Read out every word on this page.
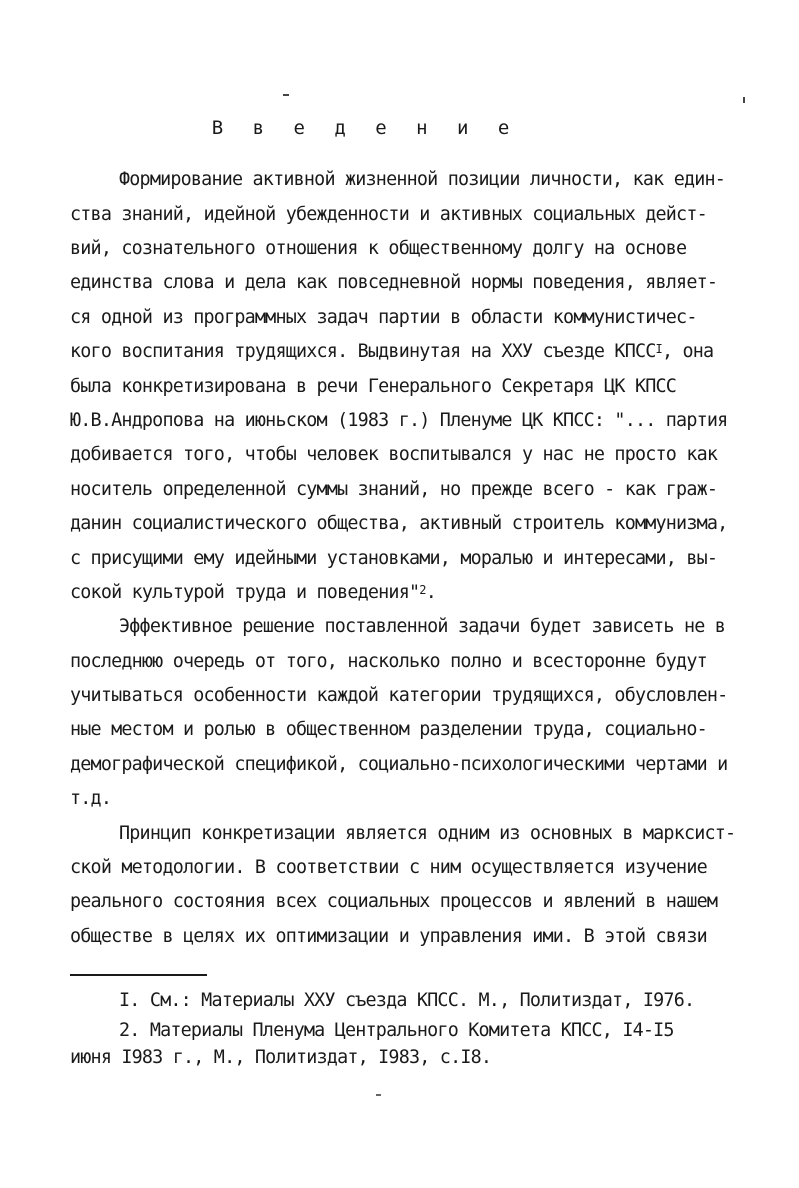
В в е д е н и е
Формирование активной жизненной позиции личности, как един-
ства знаний, идейной убежденности и активных социальных дейст-
вий, сознательного отношения к общественному долгу на основе
единства слова и дела как повседневной нормы поведения, являет-
ся одной из программных задач партии в области коммунистичес-
кого воспитания трудящихся. Выдвинутая на ХХУ съезде $КПСС^I$, она
была конкретизирована в речи Генерального Секретаря ЦК КПСС
Ю.В.Андропова на июньском (1983 г.) Пленуме ЦК КПСС: "... партия
добивается того, чтобы человек воспитывался у нас не просто как
носитель определенной суммы знаний, но прежде всего - как граж-
данин социалистического общества, активный строитель коммунизма,
с присущими ему идейными установками, моралью и интересами, вы-
сокой культурой труда и поведения"$^2$.
Эффективное решение поставленной задачи будет зависеть не в
последнюю очередь от того, насколько полно и всесторонне будут
учитываться особенности каждой категории трудящихся, обусловлен-
ные местом и ролью в общественном разделении труда, социально-
демографической спецификой, социально-психологическими чертами и
т.д.
Принцип конкретизации является одним из основных в марксист-
ской методологии. В соответствии с ним осуществляется изучение
реального состояния всех социальных процессов и явлений в нашем
обществе в целях их оптимизации и управления ими. В этой связи
I. См.: Материалы ХХУ съезда КПСС. М., Политиздат, I976.
2. Материалы Пленума Центрального Комитета КПСС, I4-I5
июня I983 г., М., Политиздат, I983, с.I8.
